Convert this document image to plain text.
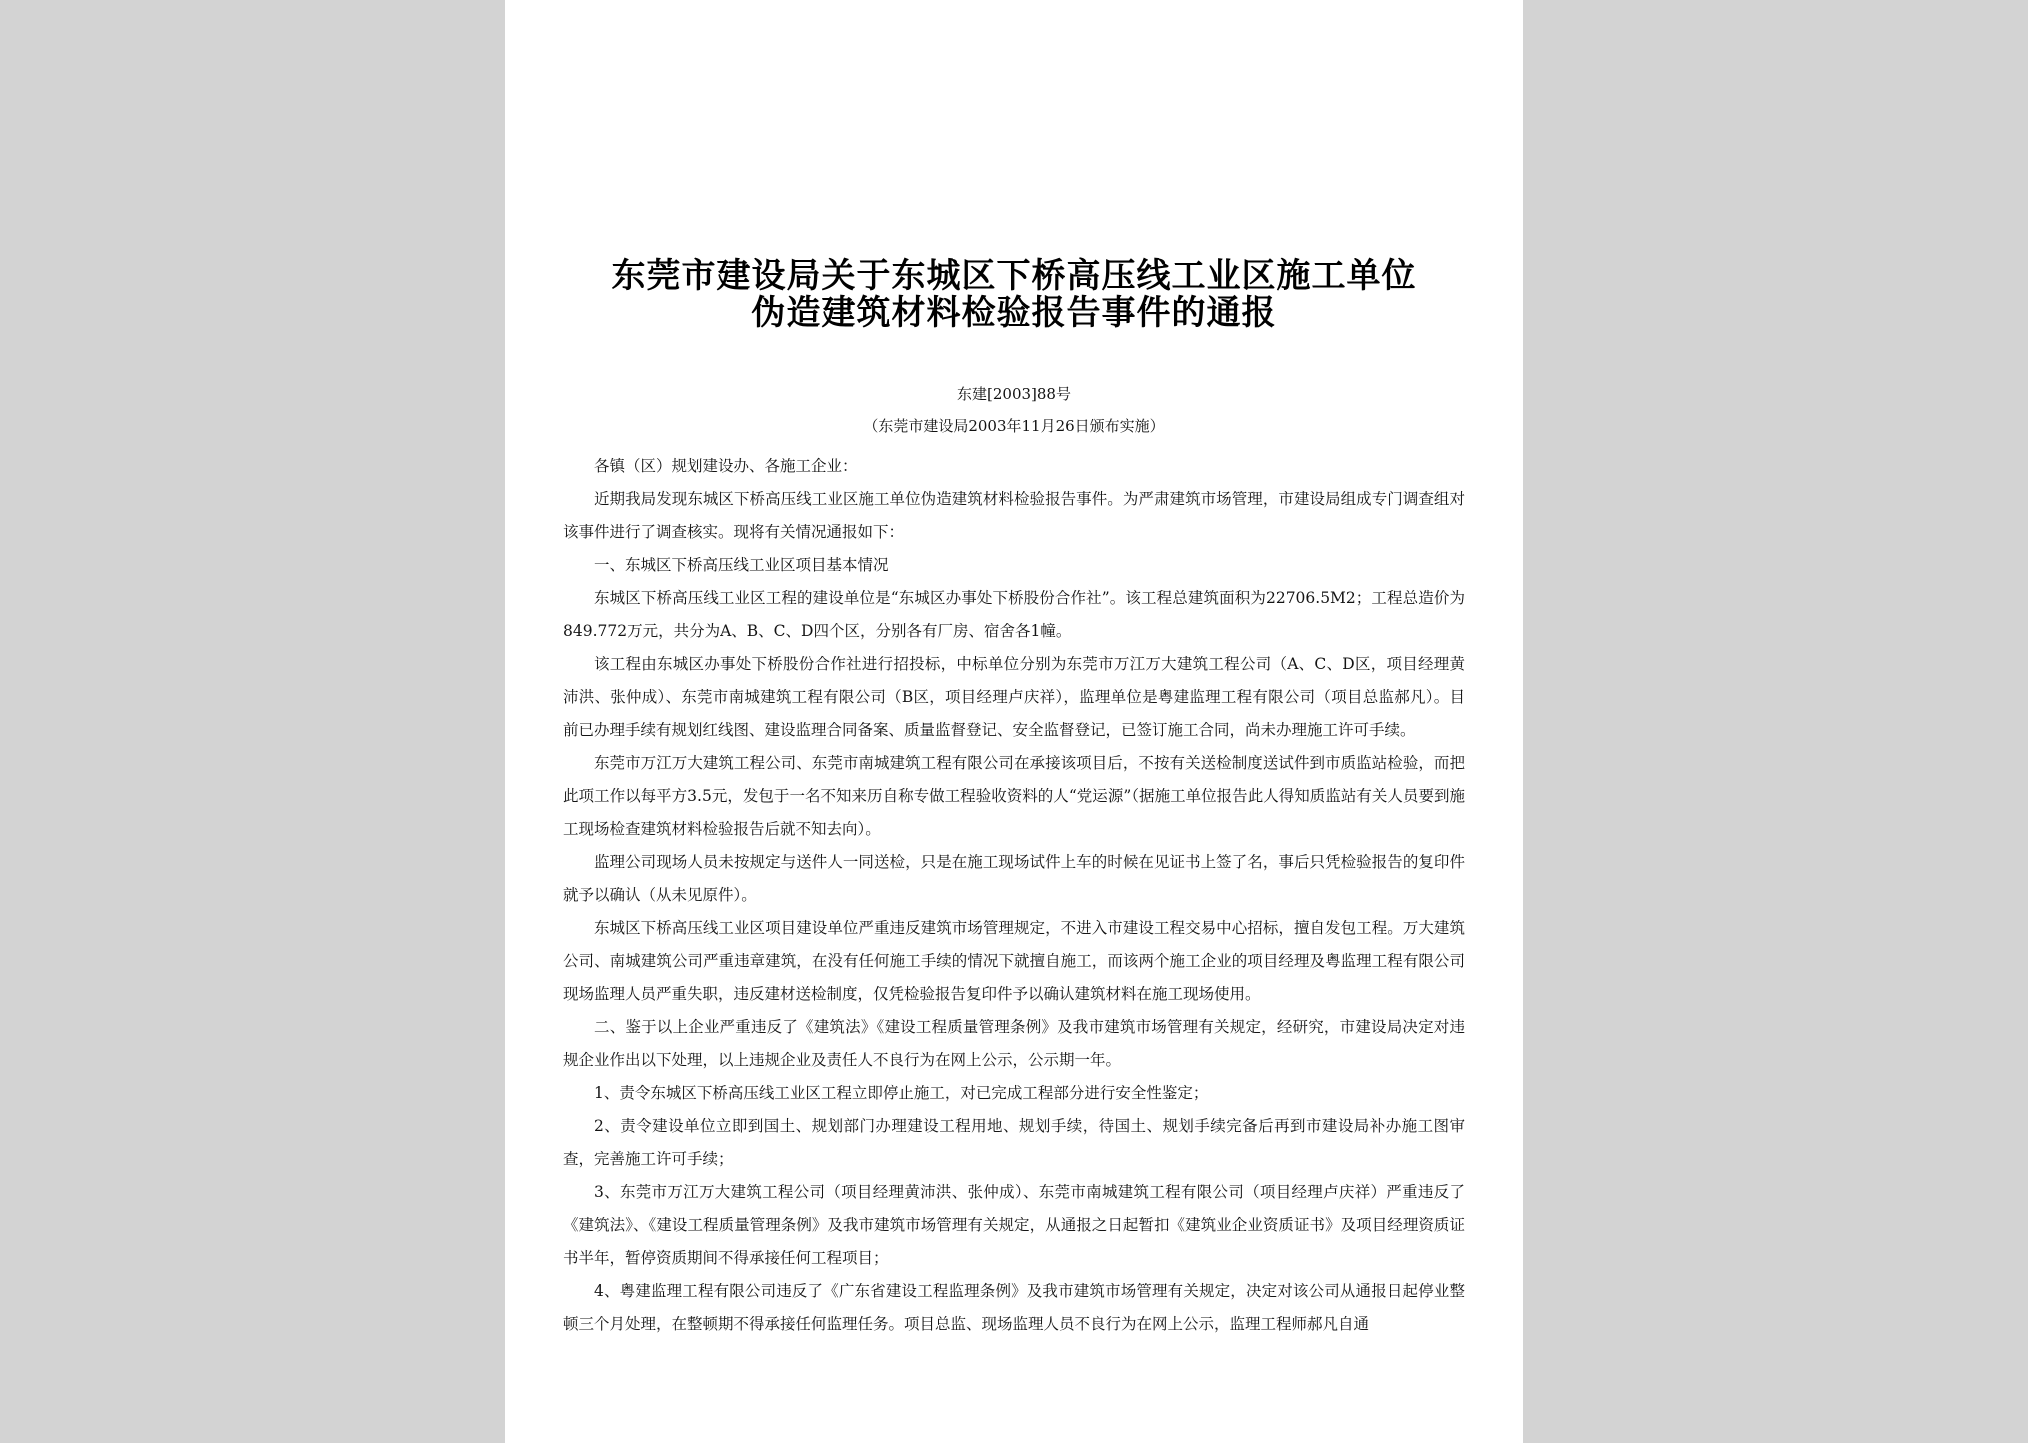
东莞市建设局关于东城区下桥高压线工业区施工单位
伪造建筑材料检验报告事件的通报
东建[2003]88号
（东莞市建设局2003年11月26日颁布实施）

各镇（区）规划建设办、各施工企业：

近期我局发现东城区下桥高压线工业区施工单位伪造建筑材料检验报告事件。为严肃建筑市场管理，市建设局组成专门调查组对该事件进行了调查核实。现将有关情况通报如下：

一、东城区下桥高压线工业区项目基本情况

东城区下桥高压线工业区工程的建设单位是“东城区办事处下桥股份合作社”。该工程总建筑面积为22706.5M2；工程总造价为849.772万元，共分为A、B、C、D四个区，分别各有厂房、宿舍各1幢。

该工程由东城区办事处下桥股份合作社进行招投标，中标单位分别为东莞市万江万大建筑工程公司（A、C、D区，项目经理黄沛洪、张仲成）、东莞市南城建筑工程有限公司（B区，项目经理卢庆祥），监理单位是粤建监理工程有限公司（项目总监郝凡）。目前已办理手续有规划红线图、建设监理合同备案、质量监督登记、安全监督登记，已签订施工合同，尚未办理施工许可手续。

东莞市万江万大建筑工程公司、东莞市南城建筑工程有限公司在承接该项目后，不按有关送检制度送试件到市质监站检验，而把此项工作以每平方3.5元，发包于一名不知来历自称专做工程验收资料的人“党运源”（据施工单位报告此人得知质监站有关人员要到施工现场检查建筑材料检验报告后就不知去向）。

监理公司现场人员未按规定与送件人一同送检，只是在施工现场试件上车的时候在见证书上签了名，事后只凭检验报告的复印件就予以确认（从未见原件）。

东城区下桥高压线工业区项目建设单位严重违反建筑市场管理规定，不进入市建设工程交易中心招标，擅自发包工程。万大建筑公司、南城建筑公司严重违章建筑，在没有任何施工手续的情况下就擅自施工，而该两个施工企业的项目经理及粤监理工程有限公司现场监理人员严重失职，违反建材送检制度，仅凭检验报告复印件予以确认建筑材料在施工现场使用。

二、鉴于以上企业严重违反了《建筑法》《建设工程质量管理条例》及我市建筑市场管理有关规定，经研究，市建设局决定对违规企业作出以下处理，以上违规企业及责任人不良行为在网上公示，公示期一年。

1、责令东城区下桥高压线工业区工程立即停止施工，对已完成工程部分进行安全性鉴定；

2、责令建设单位立即到国土、规划部门办理建设工程用地、规划手续，待国土、规划手续完备后再到市建设局补办施工图审查，完善施工许可手续；

3、东莞市万江万大建筑工程公司（项目经理黄沛洪、张仲成）、东莞市南城建筑工程有限公司（项目经理卢庆祥）严重违反了《建筑法》、《建设工程质量管理条例》及我市建筑市场管理有关规定，从通报之日起暂扣《建筑业企业资质证书》及项目经理资质证书半年，暂停资质期间不得承接任何工程项目；

4、粤建监理工程有限公司违反了《广东省建设工程监理条例》及我市建筑市场管理有关规定，决定对该公司从通报日起停业整顿三个月处理，在整顿期不得承接任何监理任务。项目总监、现场监理人员不良行为在网上公示，监理工程师郝凡自通
